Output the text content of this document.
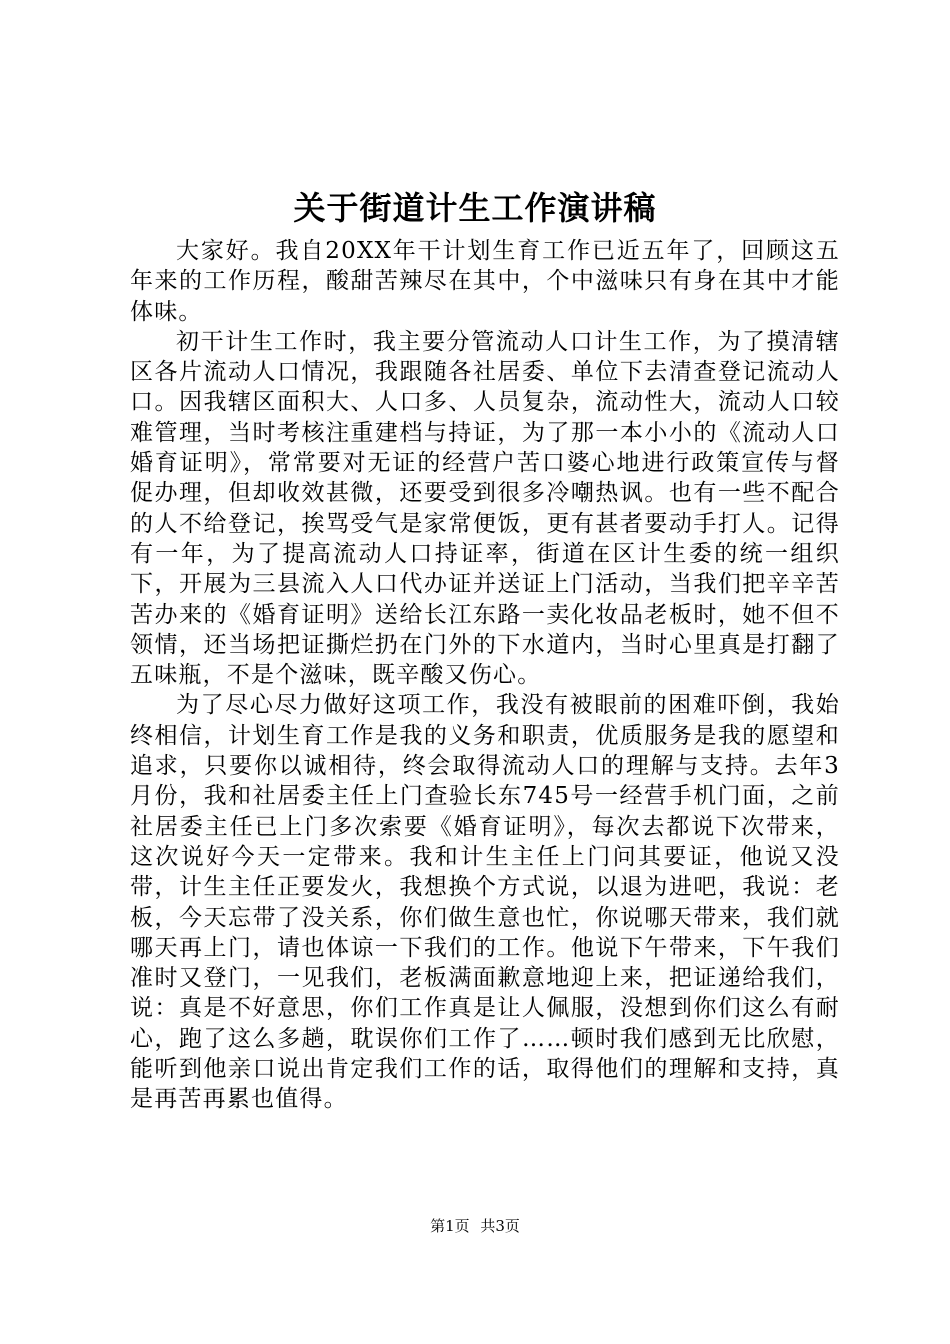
关于街道计生工作演讲稿

大家好。我自20XX年干计划生育工作已近五年了，回顾这五年来的工作历程，酸甜苦辣尽在其中，个中滋味只有身在其中才能体味。

初干计生工作时，我主要分管流动人口计生工作，为了摸清辖区各片流动人口情况，我跟随各社居委、单位下去清查登记流动人口。因我辖区面积大、人口多、人员复杂，流动性大，流动人口较难管理，当时考核注重建档与持证，为了那一本小小的《流动人口婚育证明》，常常要对无证的经营户苦口婆心地进行政策宣传与督促办理，但却收效甚微，还要受到很多冷嘲热讽。也有一些不配合的人不给登记，挨骂受气是家常便饭，更有甚者要动手打人。记得有一年，为了提高流动人口持证率，街道在区计生委的统一组织下，开展为三县流入人口代办证并送证上门活动，当我们把辛辛苦苦办来的《婚育证明》送给长江东路一卖化妆品老板时，她不但不领情，还当场把证撕烂扔在门外的下水道内，当时心里真是打翻了五味瓶，不是个滋味，既辛酸又伤心。

为了尽心尽力做好这项工作，我没有被眼前的困难吓倒，我始终相信，计划生育工作是我的义务和职责，优质服务是我的愿望和追求，只要你以诚相待，终会取得流动人口的理解与支持。去年3月份，我和社居委主任上门查验长东745号一经营手机门面，之前社居委主任已上门多次索要《婚育证明》，每次去都说下次带来，这次说好今天一定带来。我和计生主任上门问其要证，他说又没带，计生主任正要发火，我想换个方式说，以退为进吧，我说：老板，今天忘带了没关系，你们做生意也忙，你说哪天带来，我们就哪天再上门，请也体谅一下我们的工作。他说下午带来，下午我们准时又登门，一见我们，老板满面歉意地迎上来，把证递给我们，说：真是不好意思，你们工作真是让人佩服，没想到你们这么有耐心，跑了这么多趟，耽误你们工作了……顿时我们感到无比欣慰，能听到他亲口说出肯定我们工作的话，取得他们的理解和支持，真是再苦再累也值得。

第1页 共3页
